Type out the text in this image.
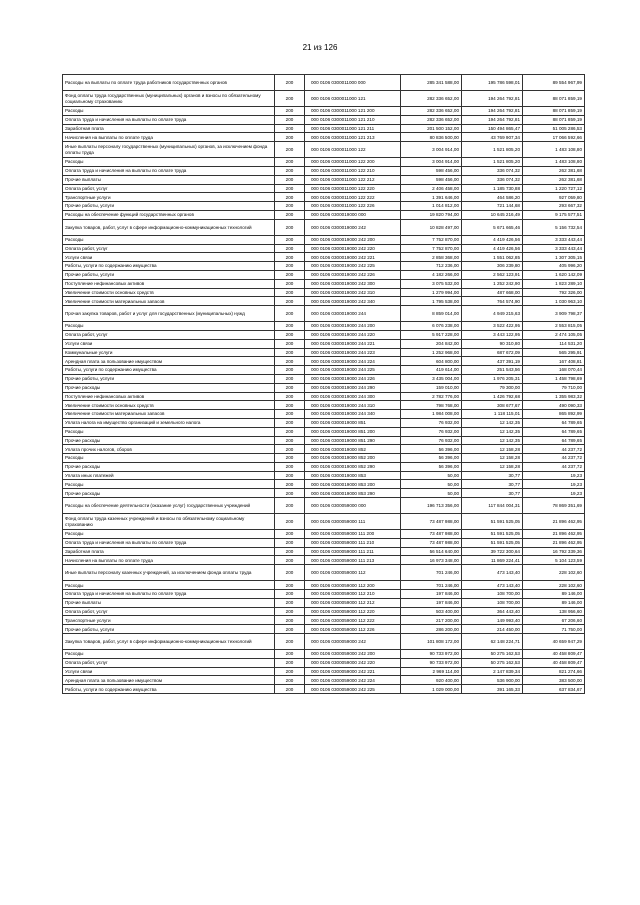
21 из 126
Расходы на выплаты по оплате труда работников государственных органов	200	000 0106 0300011000 000	285 341 588,00	195 786 598,01	89 554 967,99
Фонд оплаты труда государственных (муниципальных) органов и взносы по обязательному социальному страхованию	200	000 0106 0300011000 121	282 336 652,00	194 264 792,81	88 071 859,19
Расходы	200	000 0106 0300011000 121 200	282 336 652,00	194 264 792,81	88 071 859,19
Оплата труда и начисления на выплаты по оплате труда	200	000 0106 0300011000 121 210	282 336 652,00	194 264 792,81	88 071 859,19
Заработная плата	200	000 0106 0300011000 121 211	201 500 152,00	150 494 865,47	51 005 286,53
Начисления на выплаты по оплате труда	200	000 0106 0300011000 121 213	80 836 500,00	43 769 907,34	17 066 592,66
Иные выплаты персоналу государственных (муниципальных) органов, за исключением фонда оплаты труда	200	000 0106 0300011000 122	3 004 914,00	1 521 805,20	1 483 108,80
Расходы	200	000 0106 0300011000 122 200	3 004 914,00	1 521 805,20	1 483 108,80
Оплата труда и начисления на выплаты по оплате труда	200	000 0106 0300011000 122 210	598 456,00	336 074,32	262 381,68
Прочие выплаты	200	000 0106 0300011000 122 212	598 456,00	336 074,32	262 381,68
Оплата работ, услуг	200	000 0106 0300011000 122 220	2 406 458,00	1 185 730,88	1 220 727,12
Транспортные услуги	200	000 0106 0300011000 122 222	1 391 646,00	464 586,20	927 059,80
Прочие работы, услуги	200	000 0106 0300011000 122 226	1 014 812,00	721 144,68	293 667,32
Расходы на обеспечение функций государственных органов	200	000 0106 0300019000 000	19 820 794,00	10 645 216,49	9 175 577,51
Закупка товаров, работ, услуг в сфере информационно-коммуникационных технологий	200	000 0106 0300019000 242	10 828 497,00	5 671 665,46	5 156 732,54
Расходы	200	000 0106 0300019000 242 200	7 752 870,00	4 419 426,56	3 333 443,44
Оплата работ, услуг	200	000 0106 0300019000 242 220	7 752 870,00	4 419 426,56	3 333 443,44
Услуги связи	200	000 0106 0300019000 242 221	2 858 368,00	1 551 062,85	1 307 305,15
Работы, услуги по содержанию имущества	200	000 0106 0300019000 242 225	712 236,00	306 239,80	405 996,20
Прочие работы, услуги	200	000 0106 0300019000 242 226	4 182 266,00	2 562 123,91	1 620 142,09
Поступление нефинансовых активов	200	000 0106 0300019000 242 300	3 075 532,00	1 252 242,90	1 823 289,10
Увеличение стоимости основных средств	200	000 0106 0300019000 242 310	1 279 994,00	487 668,00	792 326,00
Увеличение стоимости материальных запасов	200	000 0106 0300019000 242 340	1 795 538,00	764 574,90	1 030 963,10
Прочая закупка товаров, работ и услуг для государственных (муниципальных) нужд	200	000 0106 0300019000 244	8 859 014,00	4 949 215,63	3 909 798,37
Расходы	200	000 0106 0300019000 244 200	6 076 238,00	3 522 422,95	2 553 815,05
Оплата работ, услуг	200	000 0106 0300019000 244 220	5 917 228,00	3 443 122,95	2 474 105,05
Услуги связи	200	000 0106 0300019000 244 221	204 842,00	90 310,80	114 531,20
Коммунальные услуги	200	000 0106 0300019000 244 223	1 252 968,00	687 672,09	565 295,91
Арендная плата за пользование имуществом	200	000 0106 0300019000 244 224	604 800,00	437 391,19	167 408,81
Работы, услуги по содержанию имущества	200	000 0106 0300019000 244 225	419 614,00	251 543,56	168 070,44
Прочие работы, услуги	200	000 0106 0300019000 244 226	3 435 004,00	1 976 205,31	1 458 798,69
Прочие расходы	200	000 0106 0300019000 244 290	159 010,00	79 300,00	79 710,00
Поступление нефинансовых активов	200	000 0106 0300019000 244 300	2 782 776,00	1 426 792,68	1 355 983,32
Увеличение стоимости основных средств	200	000 0106 0300019000 244 310	798 768,00	308 677,67	490 090,33
Увеличение стоимости материальных запасов	200	000 0106 0300019000 244 340	1 984 008,00	1 118 115,01	865 892,99
Уплата налога на имущество организаций и земельного налога	200	000 0106 0300019000 851	76 932,00	12 142,35	64 789,65
Расходы	200	000 0106 0300019000 851 200	76 932,00	12 142,35	64 789,65
Прочие расходы	200	000 0106 0300019000 851 290	76 932,00	12 142,35	64 789,65
Уплата прочих налогов, сборов	200	000 0106 0300019000 852	56 396,00	12 158,28	44 237,72
Расходы	200	000 0106 0300019000 852 200	56 396,00	12 158,28	44 237,72
Прочие расходы	200	000 0106 0300019000 852 290	56 396,00	12 158,28	44 237,72
Уплата иных платежей	200	000 0106 0300019000 853	50,00	30,77	19,23
Расходы	200	000 0106 0300019000 853 200	50,00	30,77	19,23
Прочие расходы	200	000 0106 0300019000 853 290	50,00	30,77	19,23
Расходы на обеспечение деятельности (оказание услуг) государственных учреждений	200	000 0106 0300059000 000	196 713 356,00	117 844 004,31	78 869 351,69
Фонд оплаты труда казенных учреждений и взносы по обязательному социальному страхованию	200	000 0106 0300059000 111	73 487 988,00	51 591 525,05	21 896 462,95
Расходы	200	000 0106 0300059000 111 200	73 487 988,00	51 591 525,05	21 896 462,95
Оплата труда и начисления на выплаты по оплате труда	200	000 0106 0300059000 111 210	73 487 988,00	51 591 525,05	21 896 462,95
Заработная плата	200	000 0106 0300059000 111 211	56 514 640,00	39 722 300,64	16 792 339,36
Начисления на выплаты по оплате труда	200	000 0106 0300059000 111 213	16 973 348,00	11 869 224,41	5 104 123,59
Иные выплаты персоналу казенных учреждений, за исключением фонда оплаты труда	200	000 0106 0300059000 112	701 246,00	473 143,40	228 102,60
Расходы	200	000 0106 0300059000 112 200	701 246,00	473 143,40	228 102,60
Оплата труда и начисления на выплаты по оплате труда	200	000 0106 0300059000 112 210	197 846,00	108 700,00	89 146,00
Прочие выплаты	200	000 0106 0300059000 112 212	197 846,00	108 700,00	89 146,00
Оплата работ, услуг	200	000 0106 0300059000 112 220	503 400,00	364 443,40	138 956,60
Транспортные услуги	200	000 0106 0300059000 112 222	217 200,00	149 993,40	67 206,60
Прочие работы, услуги	200	000 0106 0300059000 112 226	286 200,00	214 450,00	71 750,00
Закупка товаров, работ, услуг в сфере информационно-коммуникационных технологий	200	000 0106 0300059000 242	101 808 172,00	62 148 224,71	40 659 947,29
Расходы	200	000 0106 0300059000 242 200	90 733 972,00	50 275 162,53	40 458 809,47
Оплата работ, услуг	200	000 0106 0300059000 242 220	90 733 972,00	50 275 162,53	40 458 809,47
Услуги связи	200	000 0106 0300059000 242 221	2 969 114,00	2 147 839,34	821 274,66
Арендная плата за пользование имуществом	200	000 0106 0300059000 242 224	920 400,00	536 900,00	383 500,00
Работы, услуги по содержанию имущества	200	000 0106 0300059000 242 225	1 029 000,00	391 165,33	637 834,67
